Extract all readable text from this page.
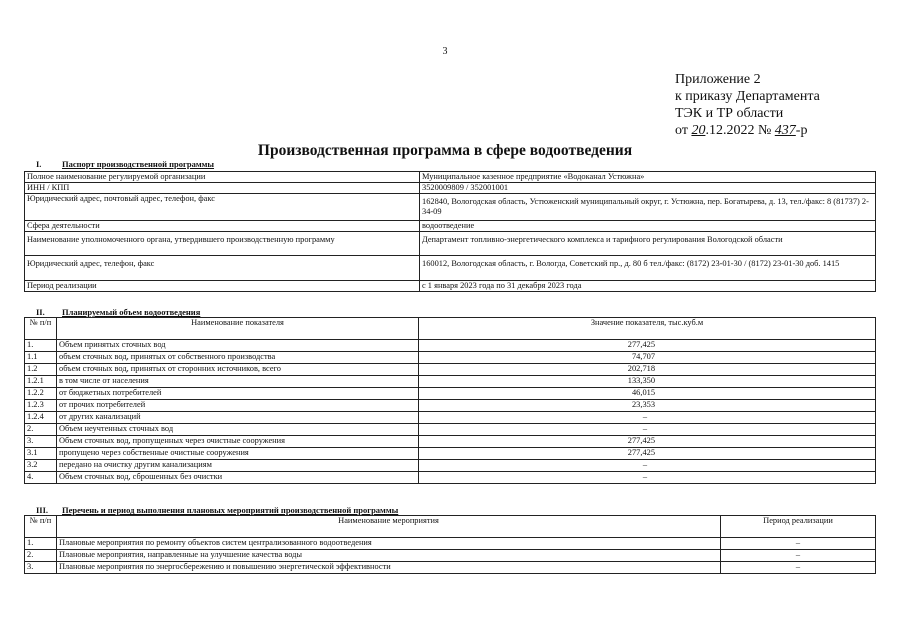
3
Приложение 2
к приказу Департамента
ТЭК и ТР области
от 20.12.2022 № 437-р
Производственная программа в сфере водоотведения
I. Паспорт производственной программы
Полное наименование регулируемой организации	Муниципальное казенное предприятие «Водоканал Устюжна»
ИНН / КПП	3520009809 / 352001001
Юридический адрес, почтовый адрес, телефон, факс	162840, Вологодская область, Устюженский муниципальный округ, г. Устюжна, пер. Богатырева, д. 13, тел./факс: 8 (81737) 2-34-09
Сфера деятельности	водоотведение
Наименование уполномоченного органа, утвердившего производственную программу	Департамент топливно-энергетического комплекса и тарифного регулирования Вологодской области
Юридический адрес, телефон, факс	160012, Вологодская область, г. Вологда, Советский пр., д. 80 б тел./факс: (8172) 23-01-30 / (8172) 23-01-30 доб. 1415
Период реализации	с 1 января 2023 года по 31 декабря 2023 года
II. Планируемый объем водоотведения
№ п/п	Наименование показателя	Значение показателя, тыс.куб.м
1.	Объем принятых сточных вод	277,425
1.1	объем сточных вод, принятых от собственного производства	74,707
1.2	объем сточных вод, принятых от сторонних источников, всего	202,718
1.2.1	в том числе от населения	133,350
1.2.2	от бюджетных потребителей	46,015
1.2.3	от прочих потребителей	23,353
1.2.4	от других канализаций	–
2.	Объем неучтенных сточных вод	–
3.	Объем сточных вод, пропущенных через очистные сооружения	277,425
3.1	пропущено через собственные очистные сооружения	277,425
3.2	передано на очистку другим канализациям	–
4.	Объем сточных вод, сброшенных без очистки	–
III. Перечень и период выполнения плановых мероприятий производственной программы
№ п/п	Наименование мероприятия	Период реализации
1.	Плановые мероприятия по ремонту объектов систем централизованного водоотведения	–
2.	Плановые мероприятия, направленные на улучшение качества воды	–
3.	Плановые мероприятия по энергосбережению и повышению энергетической эффективности	–
